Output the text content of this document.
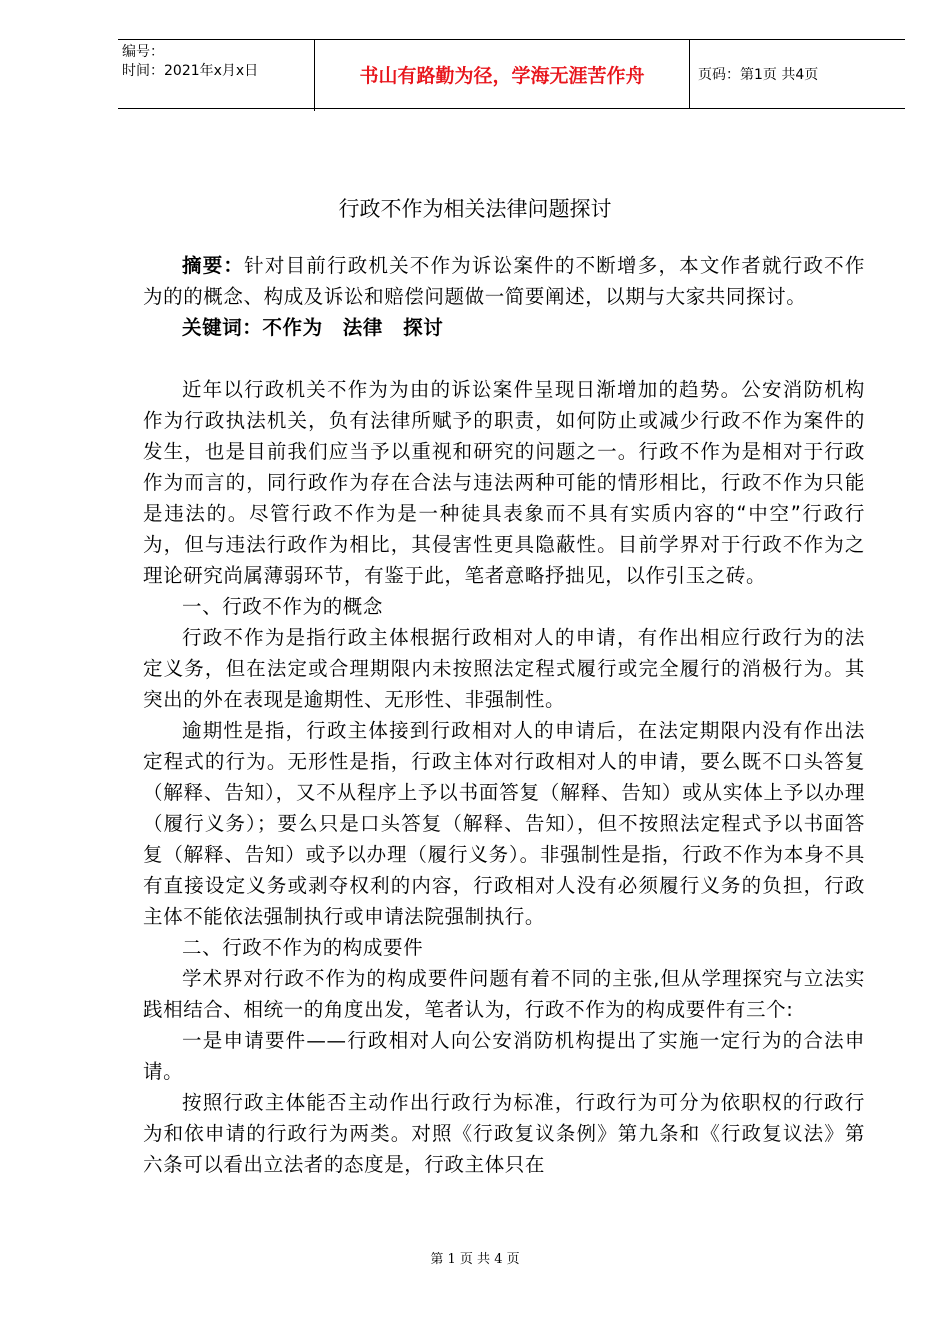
编号：
时间：2021年x月x日	书山有路勤为径，学海无涯苦作舟	页码：第1页 共4页
行政不作为相关法律问题探讨

摘要：针对目前行政机关不作为诉讼案件的不断增多，本文作者就行政不作为的的概念、构成及诉讼和赔偿问题做一简要阐述，以期与大家共同探讨。

关键词：不作为　法律　探讨

近年以行政机关不作为为由的诉讼案件呈现日渐增加的趋势。公安消防机构作为行政执法机关，负有法律所赋予的职责，如何防止或减少行政不作为案件的发生，也是目前我们应当予以重视和研究的问题之一。行政不作为是相对于行政作为而言的，同行政作为存在合法与违法两种可能的情形相比，行政不作为只能是违法的。尽管行政不作为是一种徒具表象而不具有实质内容的“中空”行政行为，但与违法行政作为相比，其侵害性更具隐蔽性。目前学界对于行政不作为之理论研究尚属薄弱环节，有鉴于此，笔者意略抒拙见，以作引玉之砖。

一、行政不作为的概念

行政不作为是指行政主体根据行政相对人的申请，有作出相应行政行为的法定义务，但在法定或合理期限内未按照法定程式履行或完全履行的消极行为。其突出的外在表现是逾期性、无形性、非强制性。

逾期性是指，行政主体接到行政相对人的申请后，在法定期限内没有作出法定程式的行为。无形性是指，行政主体对行政相对人的申请，要么既不口头答复（解释、告知），又不从程序上予以书面答复（解释、告知）或从实体上予以办理（履行义务）；要么只是口头答复（解释、告知），但不按照法定程式予以书面答复（解释、告知）或予以办理（履行义务）。非强制性是指，行政不作为本身不具有直接设定义务或剥夺权利的内容，行政相对人没有必须履行义务的负担，行政主体不能依法强制执行或申请法院强制执行。

二、行政不作为的构成要件

学术界对行政不作为的构成要件问题有着不同的主张,但从学理探究与立法实践相结合、相统一的角度出发，笔者认为，行政不作为的构成要件有三个:

一是申请要件——行政相对人向公安消防机构提出了实施一定行为的合法申请。

按照行政主体能否主动作出行政行为标准，行政行为可分为依职权的行政行为和依申请的行政行为两类。对照《行政复议条例》第九条和《行政复议法》第六条可以看出立法者的态度是，行政主体只在

第 1 页 共 4 页
